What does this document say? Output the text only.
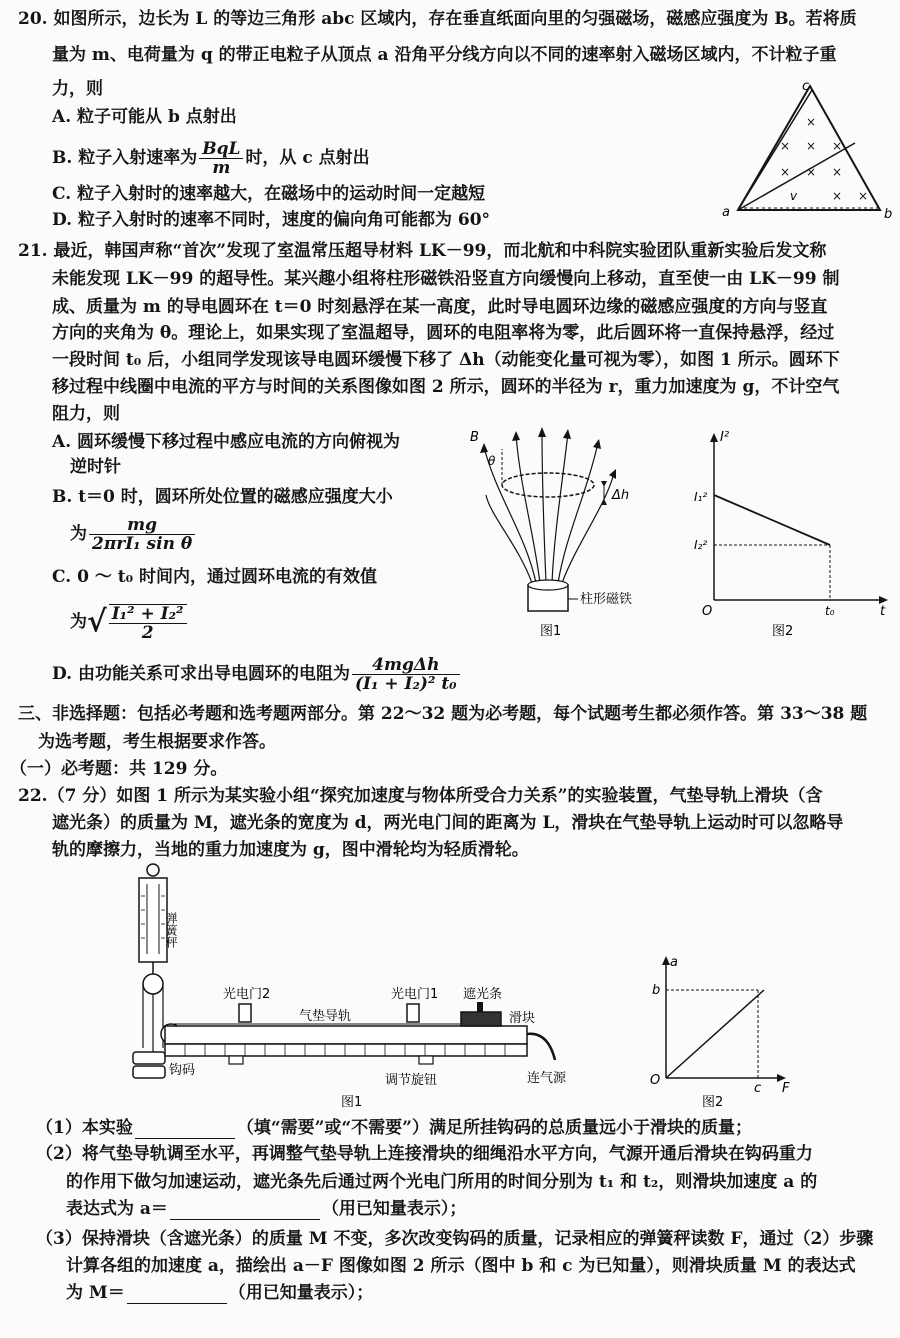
20. 如图所示，边长为 L 的等边三角形 abc 区域内，存在垂直纸面向里的匀强磁场，磁感应强度为 B。若将质
量为 m、电荷量为 q 的带正电粒子从顶点 a 沿角平分线方向以不同的速率射入磁场区域内，不计粒子重
力，则
A. 粒子可能从 b 点射出
B. 粒子入射速率为 $\frac{\text{BqL}}{m}$ 时，从 c 点射出
C. 粒子入射时的速率越大，在磁场中的运动时间一定越短
D. 粒子入射时的速率不同时，速度的偏向角可能都为 60°
×
× × ×
× × ×
× ×
a	b
c
v
21. 最近，韩国声称“首次”发现了室温常压超导材料 LK－99，而北航和中科院实验团队重新实验后发文称
未能发现 LK－99 的超导性。某兴趣小组将柱形磁铁沿竖直方向缓慢向上移动，直至使一由 LK－99 制
成、质量为 m 的导电圆环在 t＝0 时刻悬浮在某一高度，此时导电圆环边缘的磁感应强度的方向与竖直
方向的夹角为 θ。理论上，如果实现了室温超导，圆环的电阻率将为零，此后圆环将一直保持悬浮，经过
一段时间 t₀ 后，小组同学发现该导电圆环缓慢下移了 Δh（动能变化量可视为零），如图 1 所示。圆环下
移过程中线圈中电流的平方与时间的关系图像如图 2 所示，圆环的半径为 r，重力加速度为 g，不计空气
阻力，则
A. 圆环缓慢下移过程中感应电流的方向俯视为
逆时针
B. t＝0 时，圆环所处位置的磁感应强度大小
为 $\frac{mg}{\text{2πrI₁ sin θ}}$
C. 0 ～ t₀ 时间内，通过圆环电流的有效值
为√ $\frac{\text{I₁² + I₂²}}{2}$
D. 由功能关系可求出导电圆环的电阻为 $\frac{\text{4mgΔh}}{\text{(I₁ + I₂)² t₀}}$
B
θ
Δh
柱形磁铁
图1
I²
I₁²
I₂²
O	t₀	t
图2
三、非选择题：包括必考题和选考题两部分。第 22～32 题为必考题，每个试题考生都必须作答。第 33～38 题
为选考题，考生根据要求作答。
（一）必考题：共 129 分。
22.（7 分）如图 1 所示为某实验小组“探究加速度与物体所受合力关系”的实验装置，气垫导轨上滑块（含
遮光条）的质量为 M，遮光条的宽度为 d，两光电门间的距离为 L，滑块在气垫导轨上运动时可以忽略导
轨的摩擦力，当地的重力加速度为 g，图中滑轮均为轻质滑轮。
弹簧秤
钩码
光电门2	光电门1
气垫导轨
遮光条
滑块
调节旋钮	连气源
图1
a
b
O
c F
图2
（1）本实验	（填“需要”或“不需要”）满足所挂钩码的总质量远小于滑块的质量；
（2）将气垫导轨调至水平，再调整气垫导轨上连接滑块的细绳沿水平方向，气源开通后滑块在钩码重力
的作用下做匀加速运动，遮光条先后通过两个光电门所用的时间分别为 t₁ 和 t₂，则滑块加速度 a 的
表达式为 a＝	（用已知量表示）；
（3）保持滑块（含遮光条）的质量 M 不变，多次改变钩码的质量，记录相应的弹簧秤读数 F，通过（2）步骤
计算各组的加速度 a，描绘出 a－F 图像如图 2 所示（图中 b 和 c 为已知量），则滑块质量 M 的表达式
为 M＝	（用已知量表示）；
